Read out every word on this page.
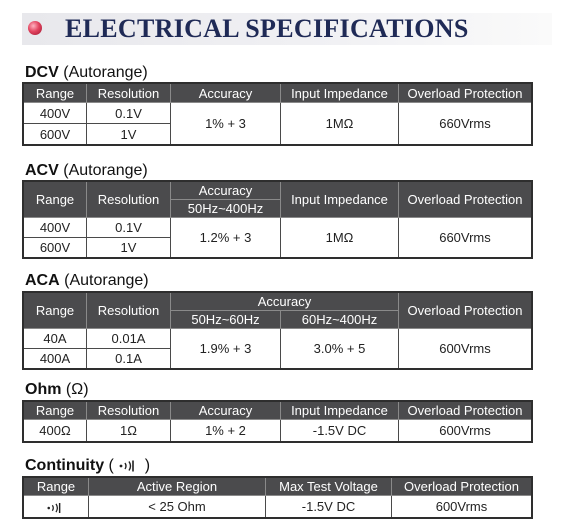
ELECTRICAL SPECIFICATIONS
DCV (Autorange)
Range	Resolution	Accuracy	Input Impedance	Overload Protection
400V	0.1V	1% + 3	1MΩ	660Vrms
600V	1V			
ACV (Autorange)
Range	Resolution	Accuracy	Input Impedance	Overload Protection
		50Hz~400Hz		
400V	0.1V	1.2% + 3	1MΩ	660Vrms
600V	1V			
ACA (Autorange)
Range	Resolution	Accuracy		Overload Protection
		50Hz~60Hz	60Hz~400Hz	
40A	0.01A	1.9% + 3	3.0% + 5	600Vrms
400A	0.1A			
Ohm (Ω)
Range	Resolution	Accuracy	Input Impedance	Overload Protection
400Ω	1Ω	1% + 2	-1.5V DC	600Vrms
Continuity ( )
Range	Active Region	Max Test Voltage	Overload Protection
	< 25 Ohm	-1.5V DC	600Vrms
